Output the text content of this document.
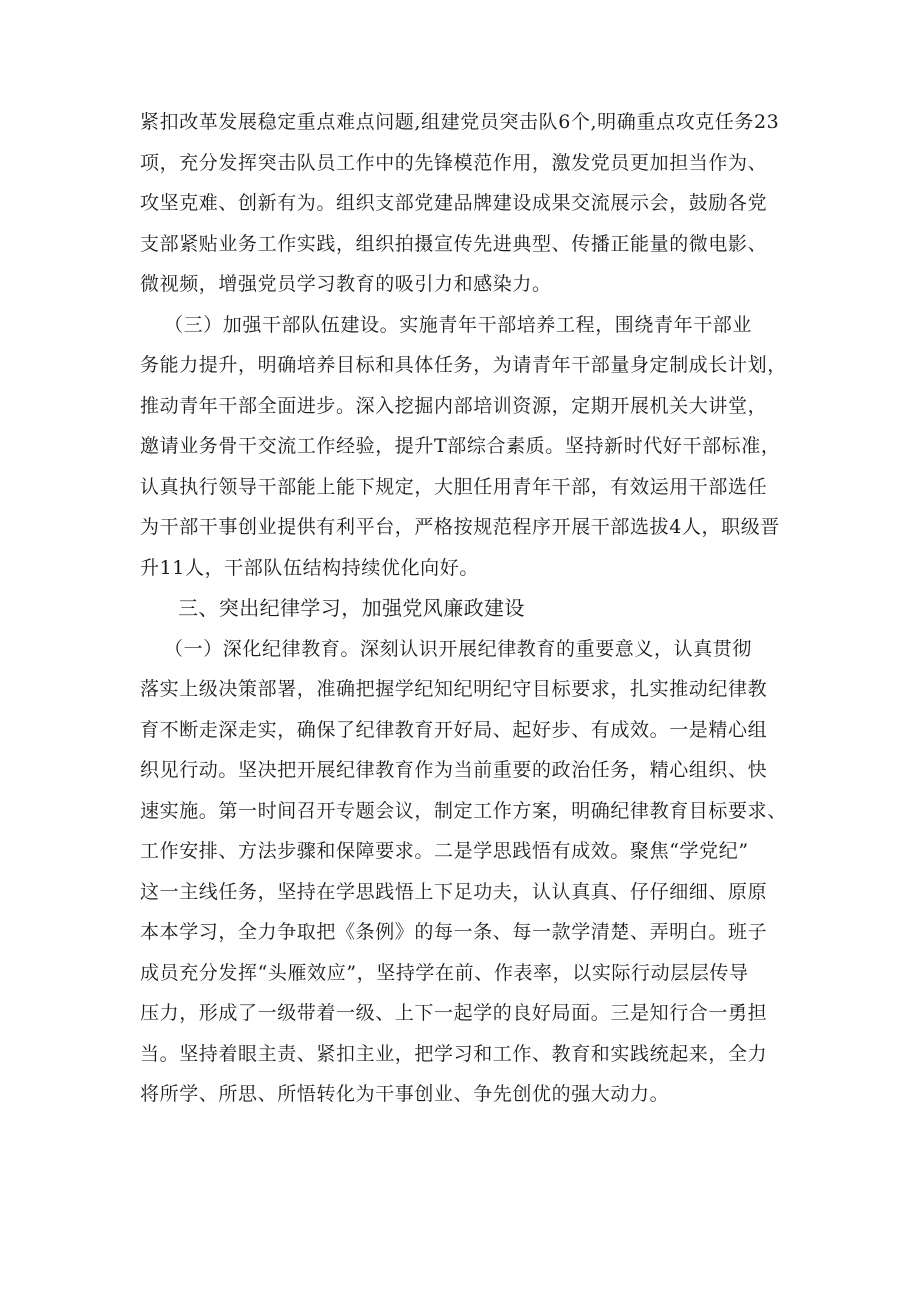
紧扣改革发展稳定重点难点问题,组建党员突击队6个,明确重点攻克任务23
项，充分发挥突击队员工作中的先锋模范作用，激发党员更加担当作为、
攻坚克难、创新有为。组织支部党建品牌建设成果交流展示会，鼓励各党
支部紧贴业务工作实践，组织拍摄宣传先进典型、传播正能量的微电影、
微视频，增强党员学习教育的吸引力和感染力。
（三）加强干部队伍建设。实施青年干部培养工程，围绕青年干部业
务能力提升，明确培养目标和具体任务，为请青年干部量身定制成长计划，
推动青年干部全面进步。深入挖掘内部培训资源，定期开展机关大讲堂，
邀请业务骨干交流工作经验，提升T部综合素质。坚持新时代好干部标准，
认真执行领导干部能上能下规定，大胆任用青年干部，有效运用干部选任
为干部干事创业提供有利平台，严格按规范程序开展干部选拔4人，职级晋
升11人，干部队伍结构持续优化向好。
三、突出纪律学习，加强党风廉政建设
（一）深化纪律教育。深刻认识开展纪律教育的重要意义，认真贯彻
落实上级决策部署，准确把握学纪知纪明纪守目标要求，扎实推动纪律教
育不断走深走实，确保了纪律教育开好局、起好步、有成效。一是精心组
织见行动。坚决把开展纪律教育作为当前重要的政治任务，精心组织、快
速实施。第一时间召开专题会议，制定工作方案，明确纪律教育目标要求、
工作安排、方法步骤和保障要求。二是学思践悟有成效。聚焦“学党纪”
这一主线任务，坚持在学思践悟上下足功夫，认认真真、仔仔细细、原原
本本学习，全力争取把《条例》的每一条、每一款学清楚、弄明白。班子
成员充分发挥“头雁效应”，坚持学在前、作表率，以实际行动层层传导
压力，形成了一级带着一级、上下一起学的良好局面。三是知行合一勇担
当。坚持着眼主责、紧扣主业，把学习和工作、教育和实践统起来，全力
将所学、所思、所悟转化为干事创业、争先创优的强大动力。
